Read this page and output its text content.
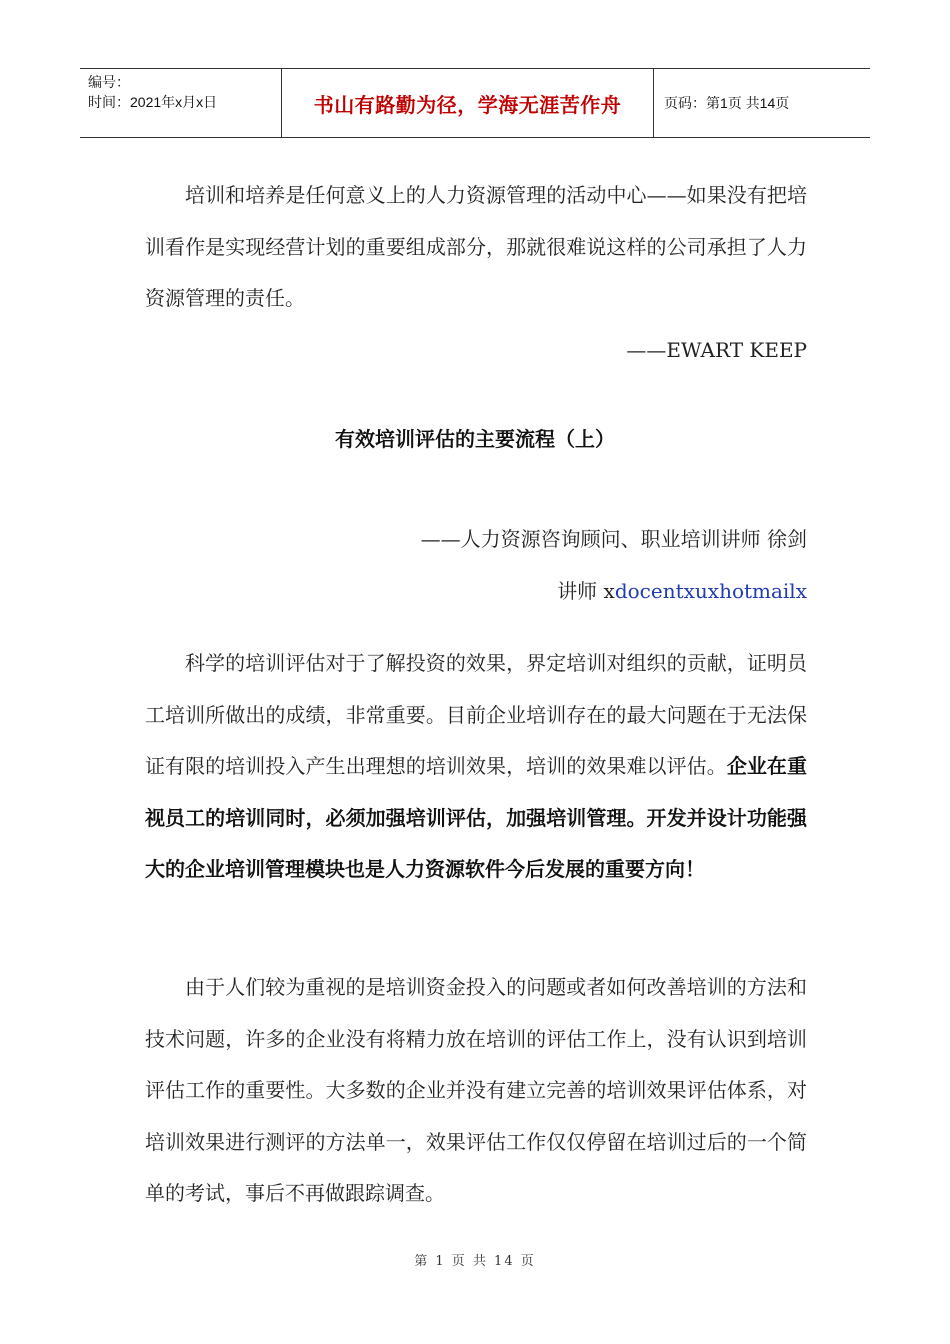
编号：
时间：2021年x月x日	书山有路勤为径，学海无涯苦作舟	页码：第1页 共14页

培训和培养是任何意义上的人力资源管理的活动中心——如果没有把培训看作是实现经营计划的重要组成部分，那就很难说这样的公司承担了人力资源管理的责任。

——EWART KEEP

有效培训评估的主要流程（上）

——人力资源咨询顾问、职业培训讲师 徐剑

讲师 xdocentxuxhotmailx

科学的培训评估对于了解投资的效果，界定培训对组织的贡献，证明员工培训所做出的成绩，非常重要。目前企业培训存在的最大问题在于无法保证有限的培训投入产生出理想的培训效果，培训的效果难以评估。企业在重视员工的培训同时，必须加强培训评估，加强培训管理。开发并设计功能强大的企业培训管理模块也是人力资源软件今后发展的重要方向！

由于人们较为重视的是培训资金投入的问题或者如何改善培训的方法和技术问题，许多的企业没有将精力放在培训的评估工作上，没有认识到培训评估工作的重要性。大多数的企业并没有建立完善的培训效果评估体系，对培训效果进行测评的方法单一，效果评估工作仅仅停留在培训过后的一个简单的考试，事后不再做跟踪调查。

第 1 页 共 14 页
